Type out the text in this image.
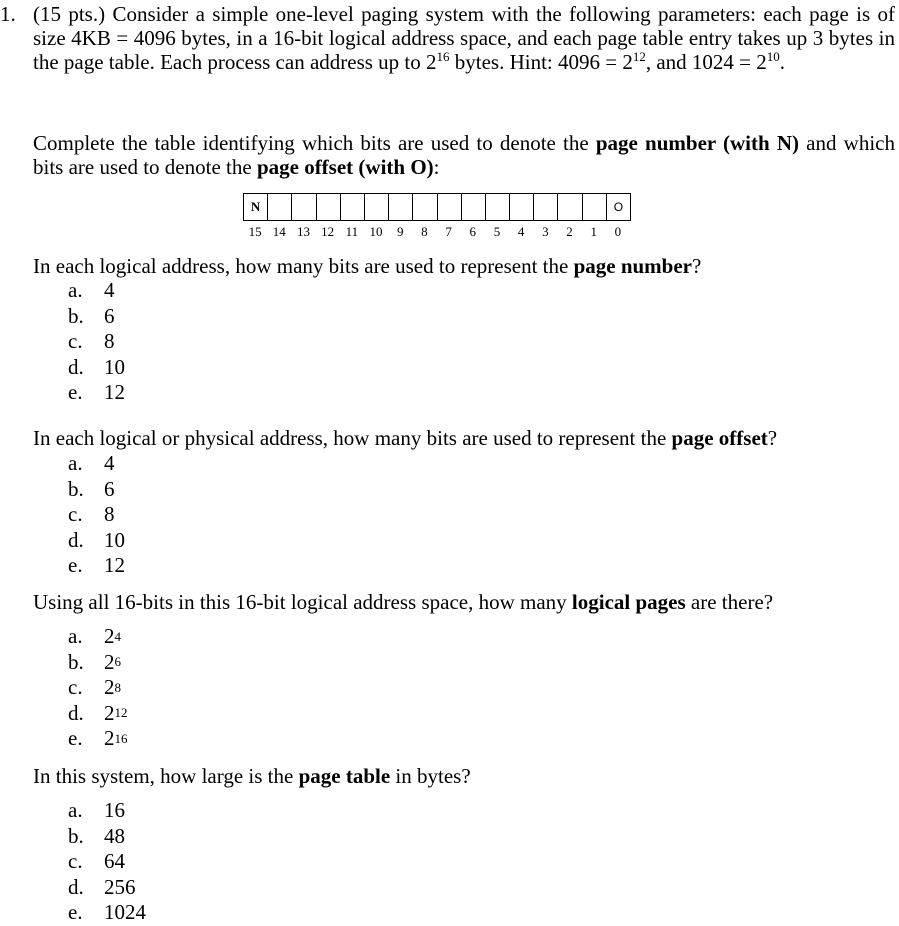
1. (15 pts.) Consider a simple one-level paging system with the following parameters: each page is of size 4KB = 4096 bytes, in a 16-bit logical address space, and each page table entry takes up 3 bytes in the page table. Each process can address up to $2^{16}$ bytes. Hint: $4096 = 2^{12}$, and $1024 = 2^{10}$.
Complete the table identifying which bits are used to denote the page number (with N) and which bits are used to denote the page offset (with O):
N	O
15 14 13 12 11 10	9	8	7	6	5	4	3	2	1	0
In each logical address, how many bits are used to represent the page number?
a.	4
b. 6
c.	8
d. 10
e.	12
In each logical or physical address, how many bits are used to represent the page offset?
a.	4
b. 6
c.	8
d. 10
e.	12
Using all 16-bits in this 16-bit logical address space, how many logical pages are there?
a.	2 4
b. 2 6
c.	2 8
d. 2 12
e.	2 16
In this system, how large is the page table in bytes?
a.	16
b. 48
c.	64
d. 256
e.	1024
